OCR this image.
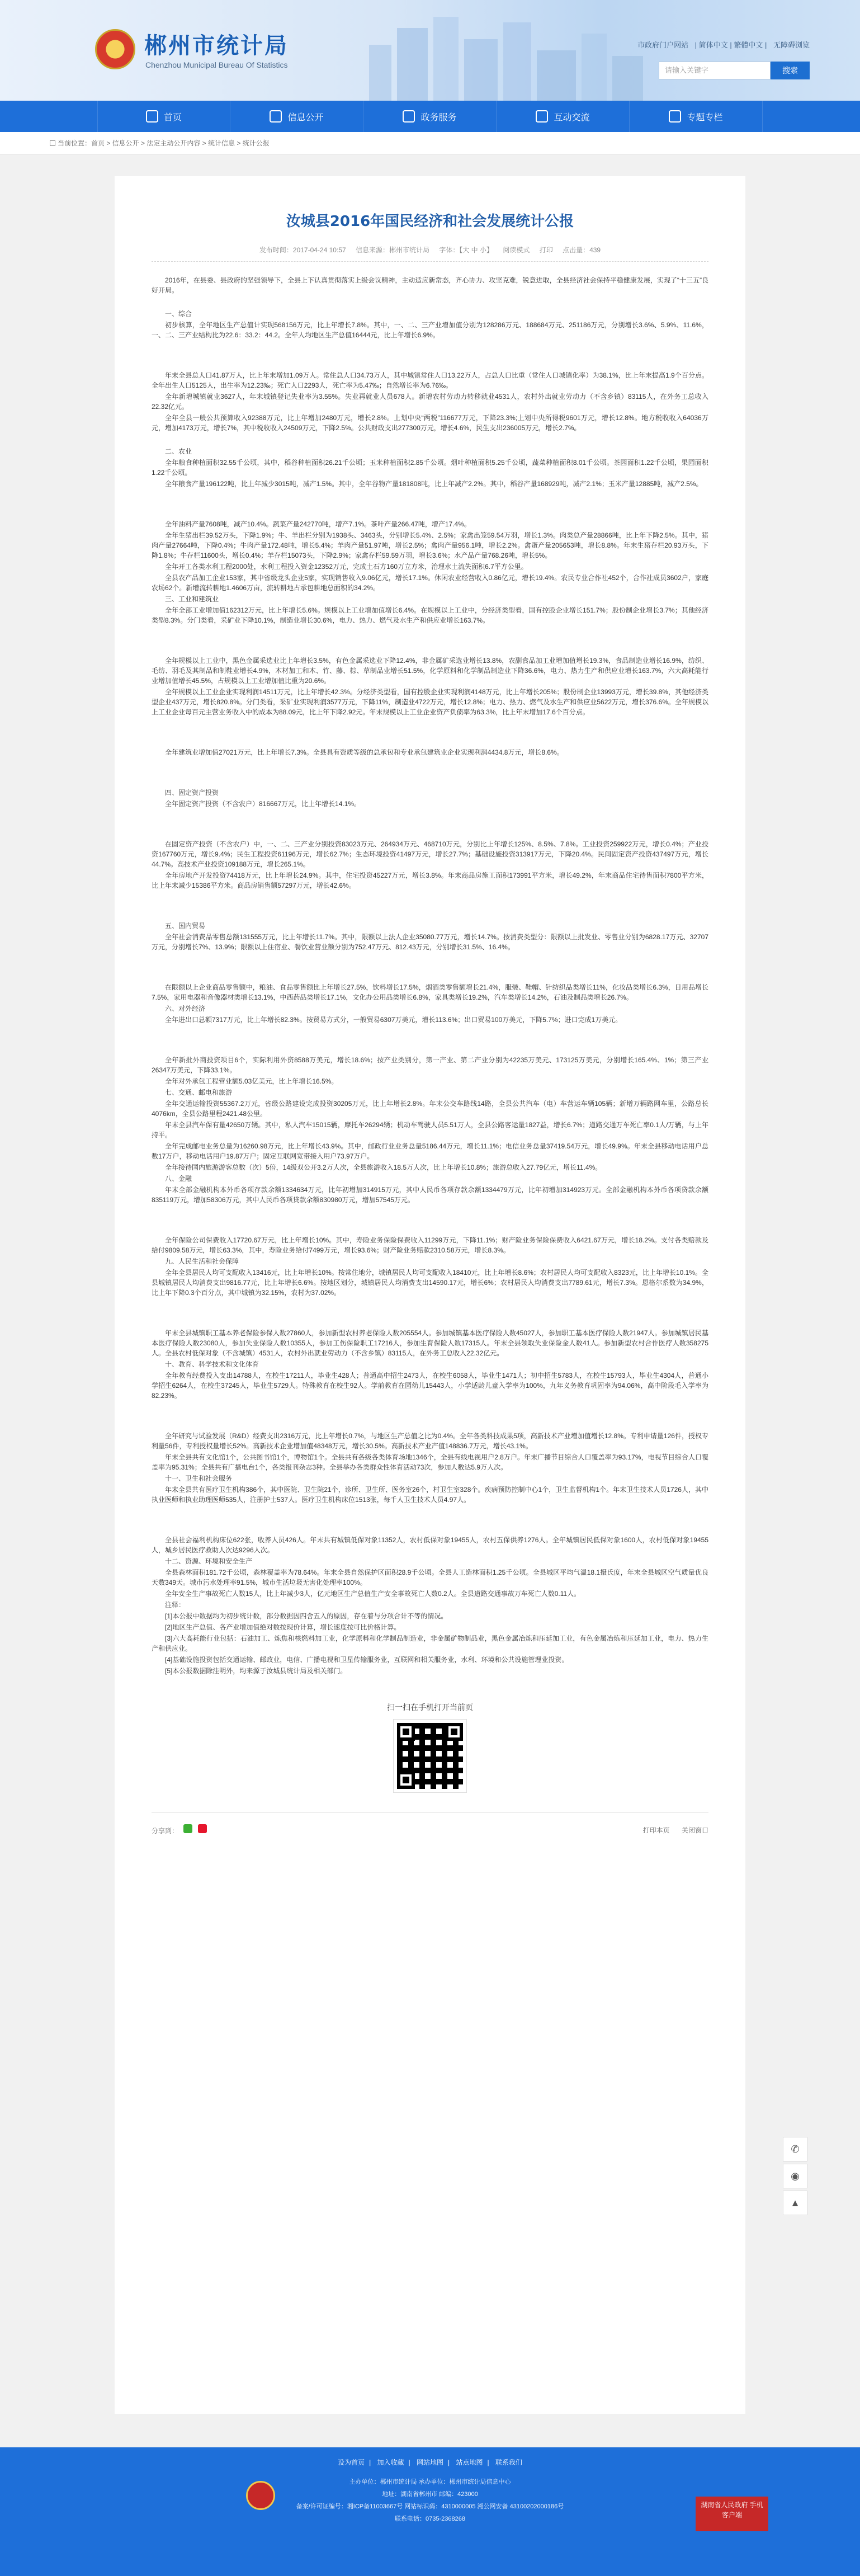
★	郴州市统计局
Chenzhou Municipal Bureau Of Statistics
市政府门户网站 | 简体中文 | 繁體中文 | 无障碍浏览
请输入关键字	搜索
首页	信息公开	政务服务	互动交流	专题专栏
当前位置：首页 > 信息公开 > 法定主动公开内容 > 统计信息 > 统计公报
汝城县2016年国民经济和社会发展统计公报
发布时间：2017-04-24 10:57 信息来源：郴州市统计局 字体：【大 中 小】 阅读模式 打印 点击量：439

2016年，在县委、县政府的坚强领导下，全县上下认真贯彻落实上级会议精神，主动适应新常态，齐心协力、攻坚克难，锐意进取，全县经济社会保持平稳健康发展，实现了“十三五”良好开局。

一、综合

初步核算，全年地区生产总值计实现568156万元，比上年增长7.8%。其中，一、二、三产业增加值分别为128286万元、188684万元、251186万元，分别增长3.6%、5.9%、11.6%，一、二、三产业结构比为22.6：33.2：44.2。全年人均地区生产总值16444元，比上年增长6.9%。

年末全县总人口41.87万人，比上年末增加1.09万人。常住总人口34.73万人，其中城镇常住人口13.22万人，占总人口比重（常住人口城镇化率）为38.1%，比上年末提高1.9个百分点。全年出生人口5125人，出生率为12.23‰；死亡人口2293人，死亡率为5.47‰；自然增长率为6.76‰。

全年新增城镇就业3627人，年末城镇登记失业率为3.55%。失业再就业人员678人。新增农村劳动力转移就业4531人，农村外出就业劳动力（不含乡镇）83115人，在外务工总收入22.32亿元。

全年全县一般公共预算收入92388万元，比上年增加2480万元，增长2.8%。上划中央“两税”116677万元，下降23.3%;上划中央所得税9601万元，增长12.8%。地方税收收入64036万元，增加4173万元，增长7%，其中税收收入24509万元，下降2.5%。公共财政支出277300万元，增长4.6%，民生支出236005万元，增长2.7%。

二、农业

全年粮食种植面积32.55千公顷，其中，稻谷种植面积26.21千公顷；玉米种植面积2.85千公顷。烟叶种植面积5.25千公顷，蔬菜种植面积8.01千公顷。茶园面积1.22千公顷，果园面积1.22千公顷。

全年粮食产量196122吨，比上年减少3015吨，减产1.5%。其中，全年谷物产量181808吨，比上年减产2.2%。其中，稻谷产量168929吨，减产2.1%；玉米产量12885吨，减产2.5%。

全年油料产量7608吨，减产10.4%。蔬菜产量242770吨，增产7.1%。茶叶产量266.47吨，增产17.4%。

全年生猪出栏39.52万头，下降1.9%；牛、羊出栏分别为1938头、3463头，分别增长5.4%、2.5%；家禽出笼59.54万羽，增长1.3%。肉类总产量28866吨，比上年下降2.5%。其中，猪肉产量27664吨，下降0.4%；牛肉产量172.48吨，增长5.4%；羊肉产量51.97吨，增长2.5%；禽肉产量956.1吨，增长2.2%。禽蛋产量205653吨，增长8.8%。年末生猪存栏20.93万头，下降1.8%；牛存栏11600头，增长0.4%；羊存栏15073头，下降2.9%；家禽存栏59.59万羽，增长3.6%；水产品产量768.26吨，增长5%。

全年开工各类水利工程2000处，水利工程投入资金12352万元，完成土石方160万立方米，治理水土流失面积6.7平方公里。

全县农产品加工企业153家，其中省级龙头企业5家，实现销售收入9.06亿元，增长17.1%。休闲农业经营收入0.86亿元，增长19.4%。农民专业合作社452个，合作社成员3602户，家庭农场62个。新增流转耕地1.4606万亩，流转耕地占承包耕地总面积的34.2%。

三、工业和建筑业

全年全部工业增加值162312万元，比上年增长5.6%。规模以上工业增加值增长6.4%。在规模以上工业中，分经济类型看，国有控股企业增长151.7%；股份制企业增长3.7%；其他经济类型8.3%。分门类看，采矿业下降10.1%，制造业增长30.6%，电力、热力、燃气及水生产和供应业增长163.7%。

全年规模以上工业中，黑色金属采选业比上年增长3.5%，有色金属采选业下降12.4%，非金属矿采选业增长13.8%，农副食品加工业增加值增长19.3%，食品制造业增长16.9%，纺织、毛纺、羽毛及其制品和制鞋业增长4.9%，木材加工和木、竹、藤、棕、草制品业增长51.5%，化学原料和化学制品制造业下降36.6%，电力、热力生产和供应业增长163.7%，六大高耗能行业增加值增长45.5%，占规模以上工业增加值比重为20.6%。

全年规模以上工业企业实现利润14511万元，比上年增长42.3%。分经济类型看，国有控股企业实现利润4148万元，比上年增长205%；股份制企业13993万元，增长39.8%，其他经济类型企业437万元，增长820.8%。分门类看，采矿业实现利润3577万元，下降11%，制造业4722万元，增长12.8%；电力、热力、燃气及水生产和供应业5622万元，增长376.6%。全年规模以上工业企业每百元主营业务收入中的成本为88.09元，比上年下降2.92元。年末规模以上工业企业资产负债率为63.3%，比上年末增加17.6个百分点。

全年建筑业增加值27021万元，比上年增长7.3%。全县具有资质等级的总承包和专业承包建筑业企业实现利润4434.8万元，增长8.6%。

四、固定资产投资

全年固定资产投资（不含农户）816667万元，比上年增长14.1%。

在固定资产投资（不含农户）中，一、二、三产业分别投资83023万元、264934万元、468710万元，分别比上年增长125%、8.5%、7.8%。工业投资259922万元，增长0.4%；产业投资167760万元，增长9.4%；民生工程投资61196万元，增长62.7%；生态环境投资41497万元，增长27.7%；基础设施投资313917万元，下降20.4%。民间固定资产投资437497万元，增长44.7%。高技术产业投资109188万元，增长265.1%。

全年房地产开发投资74418万元，比上年增长24.9%。其中，住宅投资45227万元，增长3.8%。年末商品房施工面积173991平方米，增长49.2%，年末商品住宅待售面积7800平方米，比上年末减少15386平方米。商品房销售额57297万元，增长42.6%。

五、国内贸易

全年社会消费品零售总额131555万元，比上年增长11.7%。其中，限额以上法人企业35080.77万元，增长14.7%。按消费类型分：限额以上批发业、零售业分别为6828.17万元、32707万元，分别增长7%、13.9%；限额以上住宿业、餐饮业营业额分别为752.47万元、812.43万元，分别增长31.5%、16.4%。

在限额以上企业商品零售额中，粮油、食品零售额比上年增长27.5%，饮料增长17.5%，烟酒类零售额增长21.4%，服装、鞋帽、针纺织品类增长11%，化妆品类增长6.3%，日用品增长7.5%，家用电器和音像器材类增长13.1%，中西药品类增长17.1%，文化办公用品类增长6.8%，家具类增长19.2%，汽车类增长14.2%，石油及制品类增长26.7%。

六、对外经济

全年进出口总额7317万元，比上年增长82.3%。按贸易方式分，一般贸易6307万美元，增长113.6%；出口贸易100万美元，下降5.7%；进口完成1万美元。

全年新批外商投资项目6个，实际利用外资8588万美元，增长18.6%；按产业类别分，第一产业、第二产业分别为42235万美元、173125万美元，分别增长165.4%、1%；第三产业26347万美元，下降33.1%。

全年对外承包工程营业额5.03亿美元，比上年增长16.5%。

七、交通、邮电和旅游

全年交通运输投资55367.2万元，省级公路建设完成投资30205万元，比上年增长2.8%。年末公交车路线14路，全县公共汽车（电）车营运车辆105辆；新增万辆路网车里，公路总长4076km，全县公路里程2421.48公里。

年末全县汽车保有量42650万辆。其中，私人汽车15015辆，摩托车26294辆；机动车驾驶人员5.51万人，全县公路客运量1827益，增长6.7%；道路交通万车死亡率0.1人/万辆，与上年持平。

全年完成邮电业务总量为16260.98万元，比上年增长43.9%。其中，邮政行业业务总量5186.44万元，增长11.1%；电信业务总量37419.54万元，增长49.9%。年末全县移动电话用户总数17万户，移动电话用户19.87万户；固定互联网宽带接入用户73.97万户。

全年接待国内旅游游客总数（次）5倍，14级双公开3.2万人次，全县旅游收入18.5万人次，比上年增长10.8%；旅游总收入27.79亿元，增长11.4%。

八、金融

年末全部金融机构本外币各项存款余额1334634万元，比年初增加314915万元，其中人民币各项存款余额1334479万元，比年初增加314923万元。全部金融机构本外币各项贷款余额835119万元，增加58306万元，其中人民币各项贷款余额830980万元，增加57545万元。

全年保险公司保费收入17720.67万元，比上年增长10%。其中，寿险业务保险保费收入11299万元，下降11.1%；财产险业务保险保费收入6421.67万元，增长18.2%。支付各类赔款及给付9809.58万元，增长63.3%，其中，寿险业务给付7499万元，增长93.6%；财产险业务赔款2310.58万元，增长8.3%。

九、人民生活和社会保障

全年全县居民人均可支配收入13416元，比上年增长10%。按常住地分，城镇居民人均可支配收入18410元，比上年增长8.6%；农村居民人均可支配收入8323元，比上年增长10.1%。全县城镇居民人均消费支出9816.77元，比上年增长6.6%。按地区划分，城镇居民人均消费支出14590.17元，增长6%；农村居民人均消费支出7789.61元，增长7.3%。恩格尔系数为34.9%，比上年下降0.3个百分点，其中城镇为32.15%，农村为37.02%。

年末全县城镇职工基本养老保险参保人数27860人，参加新型农村养老保险人数205554人。参加城镇基本医疗保险人数45027人，参加职工基本医疗保险人数21947人。参加城镇居民基本医疗保险人数23080人，参加失业保险人数10355人，参加工伤保险职工17216人，参加生育保险人数17315人。年末全县领取失业保险金人数41人。参加新型农村合作医疗人数358275人。全县农村低保对象（不含城镇）4531人，农村外出就业劳动力（不含乡镇）83115人，在外务工总收入22.32亿元。

十、教育、科学技术和文化体育

全年教育经费投入支出14788人，在校生17211人，毕业生428人；普通高中招生2473人，在校生6058人，毕业生1471人；初中招生5783人，在校生15793人，毕业生4304人，普通小学招生6264人，在校生37245人，毕业生5729人。特殊教育在校生92人。学前教育在园幼儿15443人，小学适龄儿童入学率为100%，九年义务教育巩固率为94.06%，高中阶段毛入学率为82.23%。

全年研究与试验发展（R&D）经费支出2316万元，比上年增长0.7%，与地区生产总值之比为0.4%。全年各类科技成果5项，高新技术产业增加值增长12.8%。专利申请量126件，授权专利量56件，专利授权量增长52%。高新技术企业增加值48348万元，增长30.5%。高新技术产业产值148836.7万元，增长43.1%。

年末全县共有文化馆1个，公共图书馆1个，博物馆1个。全县共有各级各类体育场地1346个，全县有线电视用户2.8万户。年末广播节目综合人口覆盖率为93.17%，电视节目综合人口覆盖率为95.31%；全县共有广播电台1个，各类报刊杂志3种。全县举办各类群众性体育活动73次，参加人数达5.9万人次。

十一、卫生和社会服务

年末全县共有医疗卫生机构386个，其中医院、卫生院21个，诊所、卫生所、医务室26个，村卫生室328个。疾病预防控制中心1个，卫生监督机构1个。年末卫生技术人员1726人，其中执业医师和执业助理医师535人，注册护士537人。医疗卫生机构床位1513张，每千人卫生技术人员4.97人。

全县社会福利机构床位622张，收养人员426人。年末共有城镇低保对象11352人，农村低保对象19455人，农村五保供养1276人。全年城镇居民低保对象1600人，农村低保对象19455人，城乡居民医疗救助人次达9296人次。

十二、资源、环境和安全生产

全县森林面积181.72千公顷，森林覆盖率为78.64%。年末全县自然保护区面积28.9千公顷。全县人工造林面积1.25千公顷。全县城区平均气温18.1摄氏度，年末全县城区空气质量优良天数349天。城市污水处理率91.5%，城市生活垃圾无害化处理率100%。

全年安全生产事故死亡人数15人，比上年减少3人，亿元地区生产总值生产安全事故死亡人数0.2人。全县道路交通事故万车死亡人数0.11人。

注释：

[1]本公报中数据均为初步统计数，部分数据因四舍五入的原因，存在着与分项合计不等的情况。

[2]地区生产总值、各产业增加值绝对数按现价计算，增长速度按可比价格计算。

[3]六大高耗能行业包括：石油加工、炼焦和核燃料加工业，化学原料和化学制品制造业，非金属矿物制品业，黑色金属冶炼和压延加工业，有色金属冶炼和压延加工业，电力、热力生产和供应业。

[4]基础设施投资包括交通运输、邮政业，电信、广播电视和卫星传输服务业，互联网和相关服务业，水利、环境和公共设施管理业投资。

[5]本公报数据除注明外，均来源于汝城县统计局及相关部门。

扫一扫在手机打开当前页
分享到：	打印本页 关闭窗口
✆
◉
▲
设为首页 | 加入收藏 | 网站地图 | 站点地图 | 联系我们
主办单位：郴州市统计局 承办单位：郴州市统计局信息中心
地址：湖南省郴州市 邮编：423000
备案/许可证编号：湘ICP备11003667号 网站标识码：4310000005 湘公网安备 43100202000186号
联系电话：0735-2368268
湖南省人民政府 手机客户端
